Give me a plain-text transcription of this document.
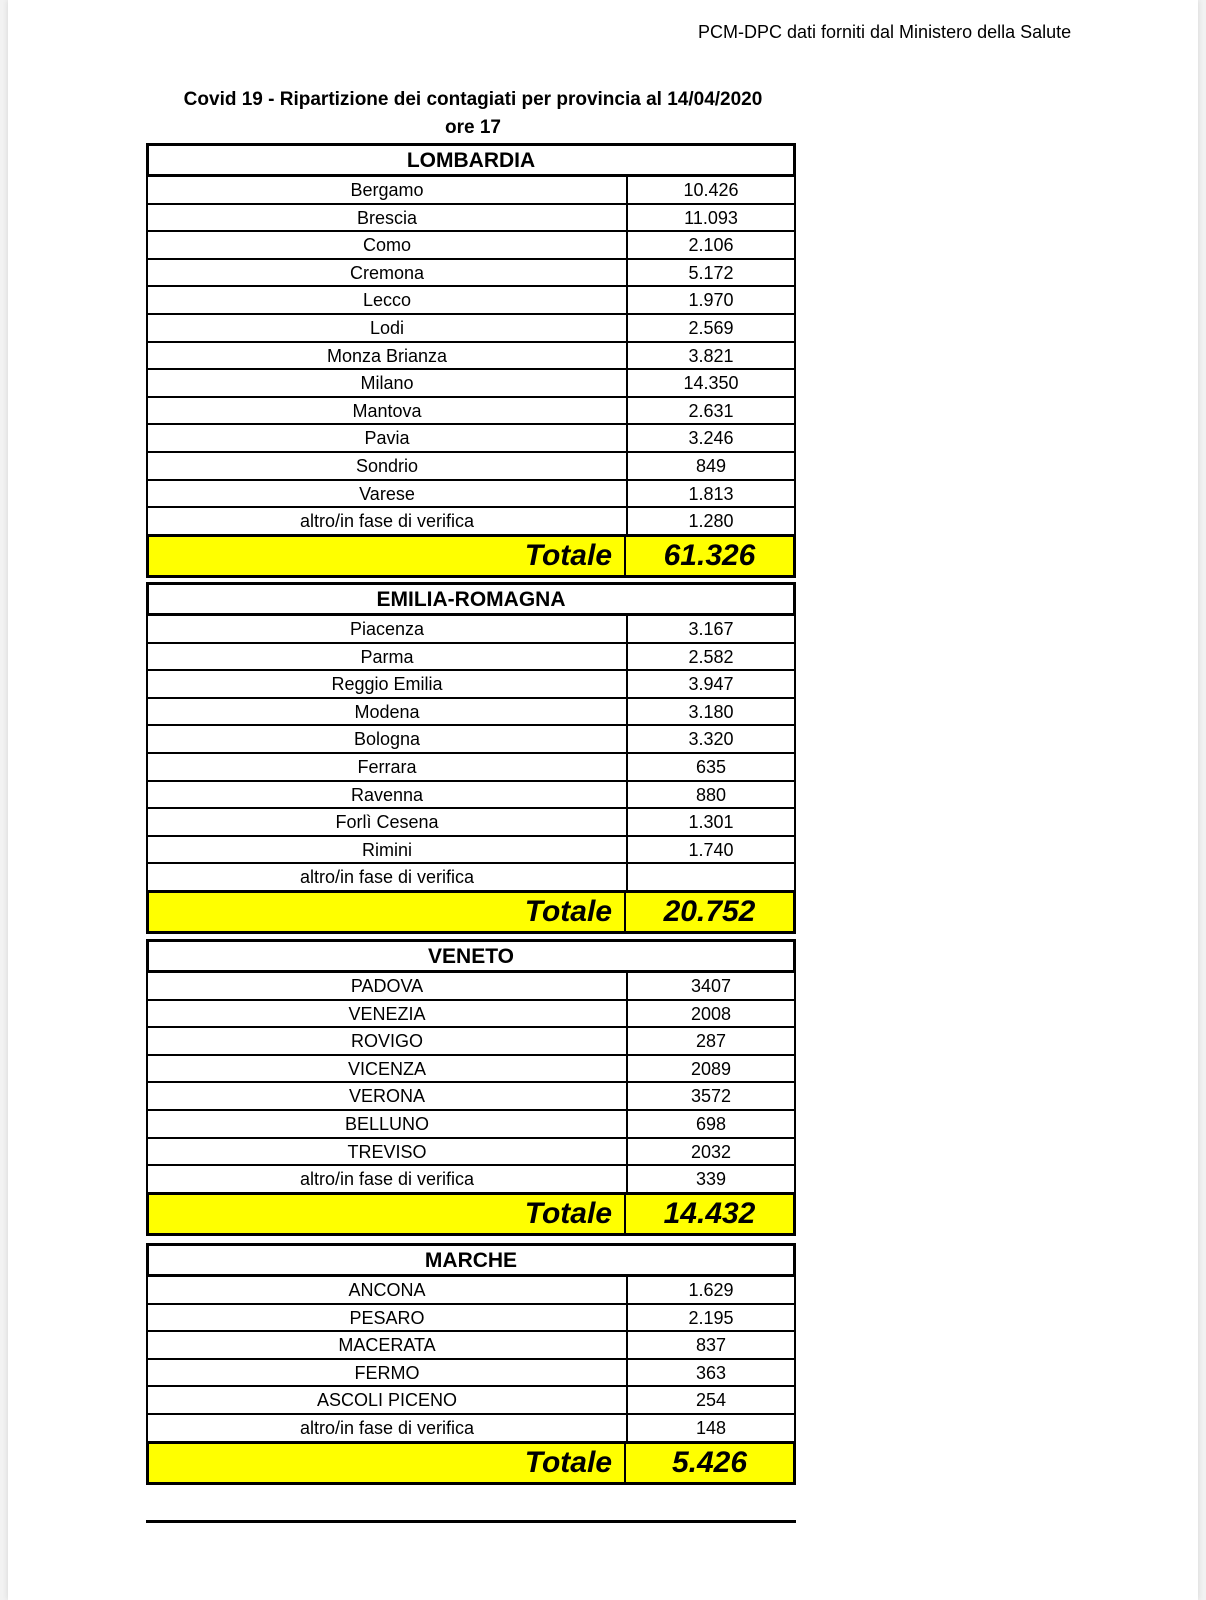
PCM-DPC dati forniti dal Ministero della Salute
Covid 19 - Ripartizione dei contagiati per provincia al 14/04/2020
ore 17
LOMBARDIA
Bergamo	10.426
Brescia	11.093
Como	2.106
Cremona	5.172
Lecco	1.970
Lodi	2.569
Monza Brianza	3.821
Milano	14.350
Mantova	2.631
Pavia	3.246
Sondrio	849
Varese	1.813
altro/in fase di verifica	1.280
Totale	61.326
EMILIA-ROMAGNA
Piacenza	3.167
Parma	2.582
Reggio Emilia	3.947
Modena	3.180
Bologna	3.320
Ferrara	635
Ravenna	880
Forlì Cesena	1.301
Rimini	1.740
altro/in fase di verifica
Totale	20.752
VENETO
PADOVA	3407
VENEZIA	2008
ROVIGO	287
VICENZA	2089
VERONA	3572
BELLUNO	698
TREVISO	2032
altro/in fase di verifica	339
Totale	14.432
MARCHE
ANCONA	1.629
PESARO	2.195
MACERATA	837
FERMO	363
ASCOLI PICENO	254
altro/in fase di verifica	148
Totale	5.426
